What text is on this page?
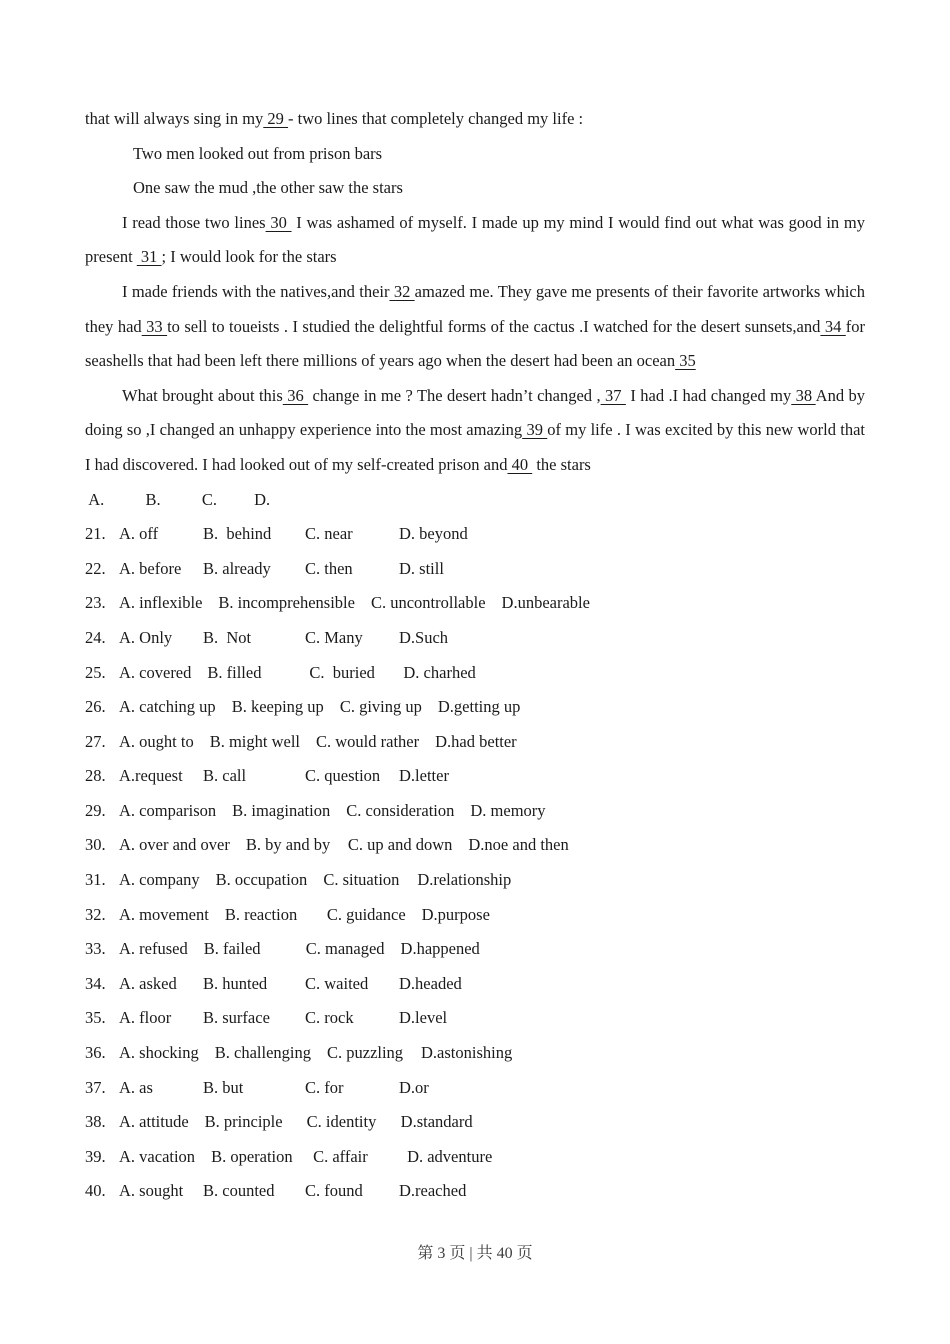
that will always sing in my 29 - two lines that completely changed my life :

Two men looked out from prison bars

One saw the mud ,the other saw the stars

I read those two lines 30  I was ashamed of myself. I made up my mind I would find out what was good in my present  31 ; I would look for the stars

I made friends with the natives,and their 32 amazed me. They gave me presents of their favorite artworks which they had 33 to sell to toueists . I studied the delightful forms of the cactus .I watched for the desert sunsets,and 34 for seashells that had been left there millions of years ago when the desert had been an ocean 35

What brought about this 36  change in me ? The desert hadn’t changed , 37  I had .I had changed my 38 And by doing so ,I changed an unhappy experience into the most amazing 39 of my life . I was excited by this new world that I had discovered. I had looked out of my self-created prison and 40  the stars

A.          B.          C.         D.
21. A. off	B.  behind C. near	D. beyond
22. A. before B. already C. then	D. still
23. A. inflexible B. incomprehensible C. uncontrollable D.unbearable
24. A. Only B.  Not	C. Many D.Such
25. A. covered B. filled	C.  buried D. charhed
26. A. catching up B. keeping up C. giving up D.getting up
27. A. ought to B. might well C. would rather D.had better
28. A.request B. call	C. question D.letter
29. A. comparison B. imagination C. consideration D. memory
30. A. over and over B. by and by C. up and down D.noe and then
31. A. company B. occupation C. situation D.relationship
32. A. movement B. reaction C. guidance D.purpose
33. A. refused B. failed	C. managed D.happened
34. A. asked B. hunted C. waited D.headed
35. A. floor B. surface C. rock	D.level
36. A. shocking B. challenging C. puzzling D.astonishing
37. A. as	B. but	C. for	D.or
38. A. attitude B. principle C. identity D.standard
39. A. vacation B. operation C. affair D. adventure
40. A. sought B. counted C. found D.reached
第 3 页 | 共 40 页
